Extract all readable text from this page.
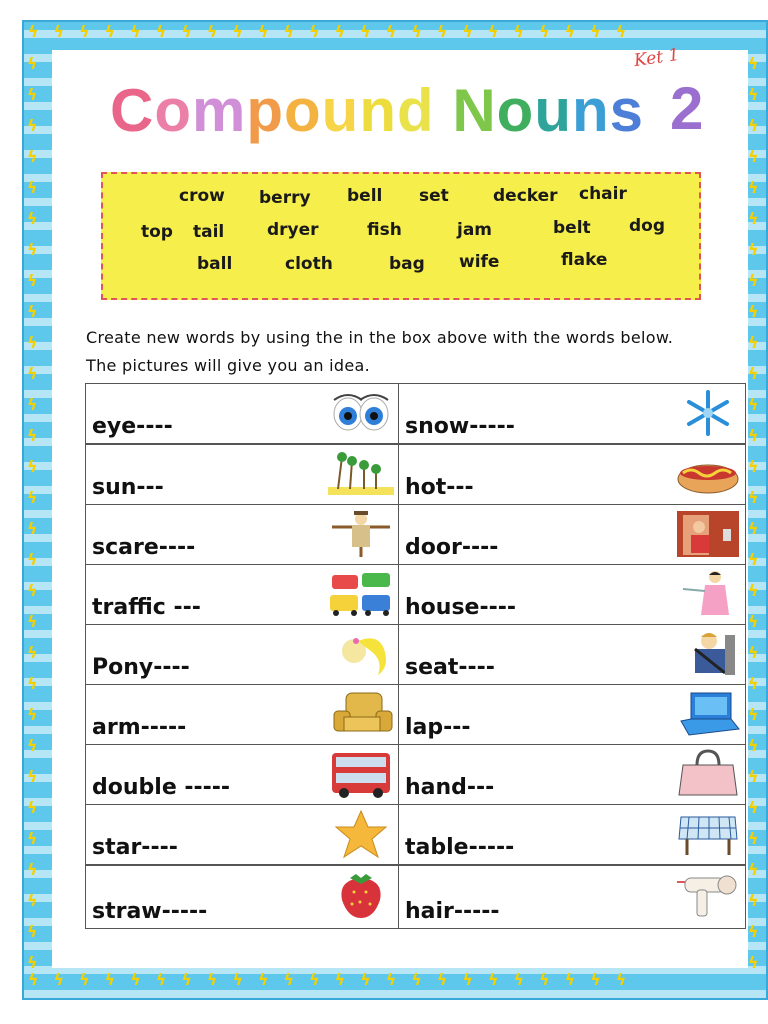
ϟϟϟϟϟϟϟϟϟϟϟϟϟϟϟϟϟϟϟϟϟϟϟϟ
ϟϟϟϟϟϟϟϟϟϟϟϟϟϟϟϟϟϟϟϟϟϟϟϟ
ϟϟϟϟϟϟϟϟϟϟϟϟϟϟϟϟϟϟϟϟϟϟϟϟϟϟϟϟϟϟ
ϟϟϟϟϟϟϟϟϟϟϟϟϟϟϟϟϟϟϟϟϟϟϟϟϟϟϟϟϟϟ
Compound Nouns 2
Ket 1
crow berry bell set	decker chair
top tail	dryer	fish	jam	belt dog
ball	cloth	bag wife	flake
Create new words by using the in the box above with the words below. The pictures will give you an idea.
eye----	snow-----
sun---	hot---
scare----	door----
traffic ---	house----
Pony----	seat----
arm-----	lap---
double -----	hand---
star----	table-----
straw-----	hair-----
